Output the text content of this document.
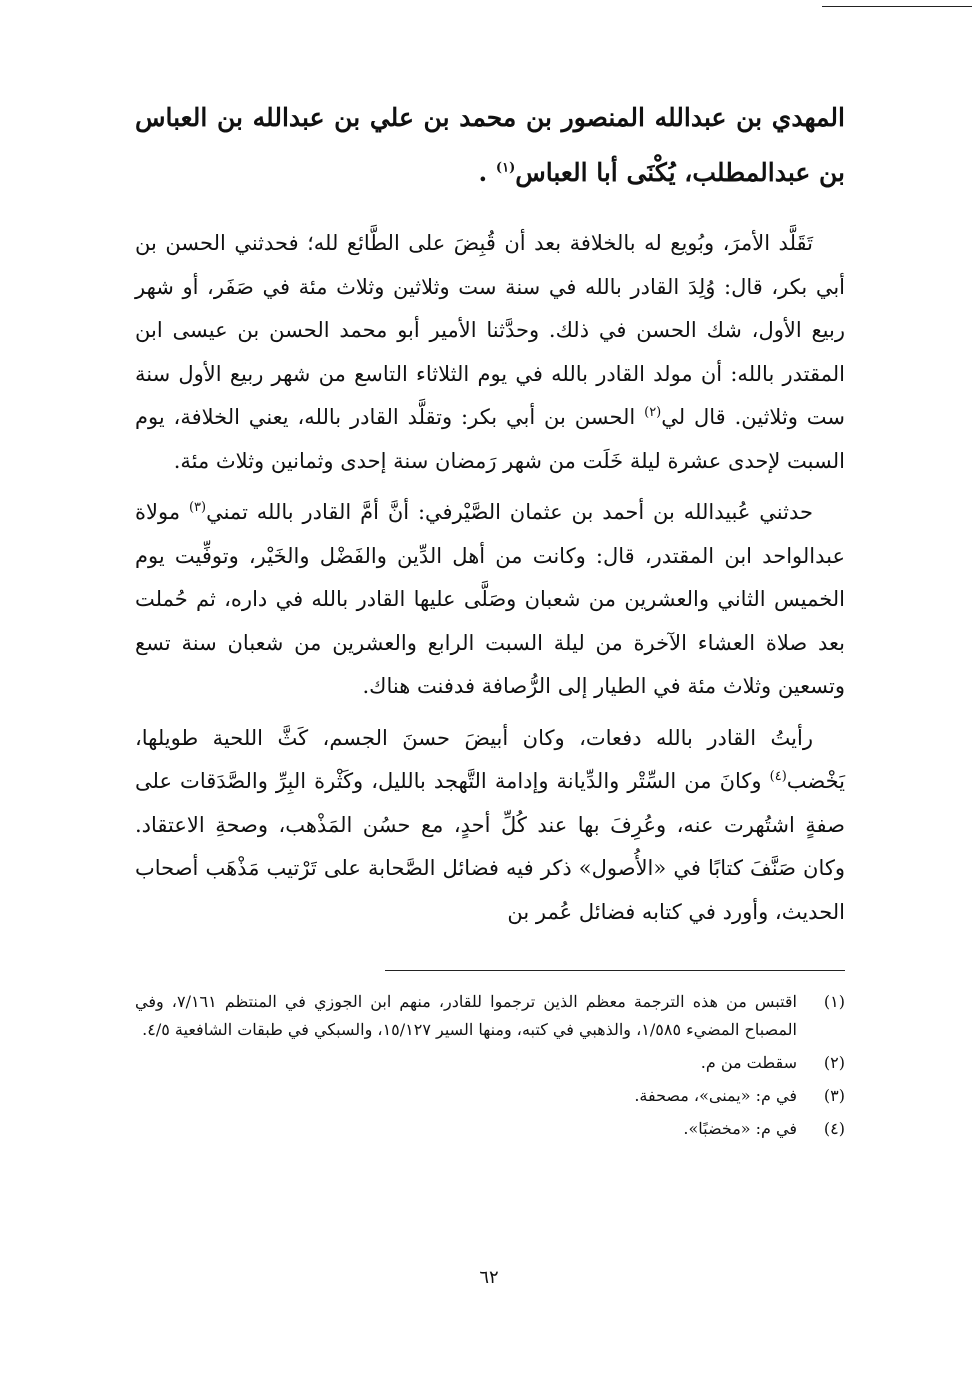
المهدي بن عبدالله المنصور بن محمد بن علي بن عبدالله بن العباس بن عبدالمطلب، يُكْنَى أبا العباس$^{(١)}$ .

تَقَلَّد الأمرَ، وبُويع له بالخلافة بعد أن قُبِضَ على الطَّائع لله؛ فحدثني الحسن بن أبي بكر، قال: وُلِدَ القادر بالله في سنة ست وثلاثين وثلاث مئة في صَفَر، أو شهر ربيع الأول، شك الحسن في ذلك. وحدَّثنا الأمير أبو محمد الحسن بن عيسى ابن المقتدر بالله: أن مولد القادر بالله في يوم الثلاثاء التاسع من شهر ربيع الأول سنة ست وثلاثين. قال لي$^{(٢)}$ الحسن بن أبي بكر: وتقلَّد القادر بالله، يعني الخلافة، يوم السبت لإحدى عشرة ليلة خَلَت من شهر رَمضان سنة إحدى وثمانين وثلاث مئة.

حدثني عُبيدالله بن أحمد بن عثمان الصَّيْرفي: أنَّ أمَّ القادر بالله تمني$^{(٣)}$ مولاة عبدالواحد ابن المقتدر، قال: وكانت من أهل الدِّين والفَضْل والخَيْر، وتوفِّيت يوم الخميس الثاني والعشرين من شعبان وصَلَّى عليها القادر بالله في داره، ثم حُملت بعد صلاة العشاء الآخرة من ليلة السبت الرابع والعشرين من شعبان سنة تسع وتسعين وثلاث مئة في الطيار إلى الرُّصافة فدفنت هناك.

رأيتُ القادر بالله دفعات، وكان أبيضَ حسنَ الجسم، كَثَّ اللحية طويلها، يَخْضب$^{(٤)}$ وكانَ من السِّتْر والدِّيانة وإدامة التَّهجد بالليل، وكَثْرة البِرِّ والصَّدَقات على صفةٍ اشتُهرت عنه، وعُرِفَ بها عند كُلِّ أحدٍ، مع حسُن المَذْهب، وصحةِ الاعتقاد. وكان صَنَّفَ كتابًا في «الأُصول» ذكر فيه فضائل الصَّحابة على تَرْتيب مَذْهَب أصحاب الحديث، وأورد في كتابه فضائل عُمر بن

(١)
اقتبس من هذه الترجمة معظم الذين ترجموا للقادر، منهم ابن الجوزي في المنتظم ٧/١٦١، وفي المصباح المضيء ١/٥٨٥، والذهبي في كتبه، ومنها السير ١٥/١٢٧، والسبكي في طبقات الشافعية ٤/٥.
(٢)
سقطت من م.
(٣)
في م: «يمنى»، مصحفة.
(٤)
في م: «مخضبًا».
٦٢
